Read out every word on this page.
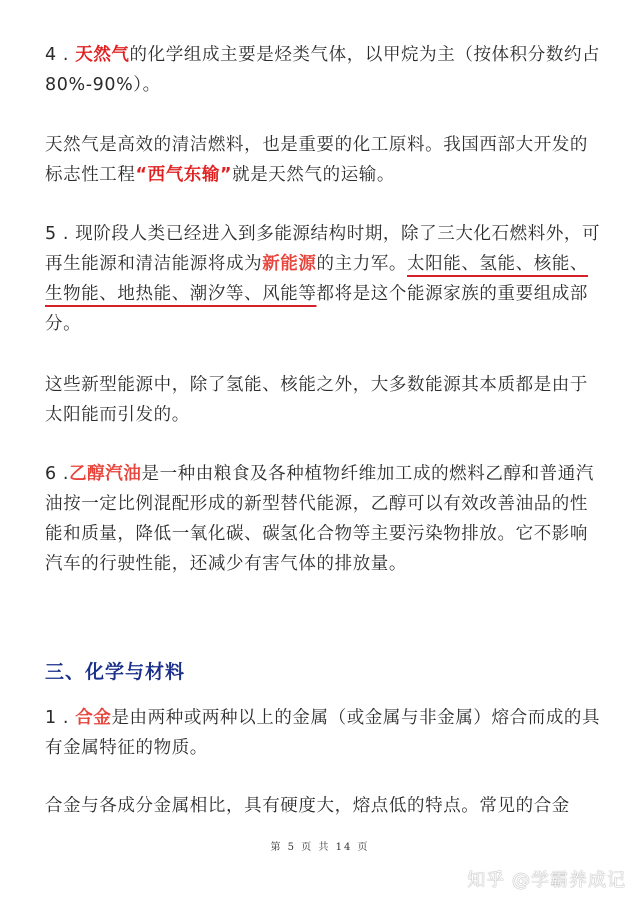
4 . 天然气的化学组成主要是烃类气体，以甲烷为主（按体积分数约占 80%-90%）。

天然气是高效的清洁燃料，也是重要的化工原料。我国西部大开发的标志性工程“西气东输”就是天然气的运输。

5 . 现阶段人类已经进入到多能源结构时期，除了三大化石燃料外，可再生能源和清洁能源将成为新能源的主力军。太阳能、氢能、核能、生物能、地热能、潮汐等、风能等都将是这个能源家族的重要组成部分。

这些新型能源中，除了氢能、核能之外，大多数能源其本质都是由于太阳能而引发的。

6 .乙醇汽油是一种由粮食及各种植物纤维加工成的燃料乙醇和普通汽油按一定比例混配形成的新型替代能源，乙醇可以有效改善油品的性能和质量，降低一氧化碳、碳氢化合物等主要污染物排放。它不影响汽车的行驶性能，还减少有害气体的排放量。

三、化学与材料

1 . 合金是由两种或两种以上的金属（或金属与非金属）熔合而成的具有金属特征的物质。

合金与各成分金属相比，具有硬度大，熔点低的特点。常见的合金

第 5 页 共 14 页
知乎 @学霸养成记
